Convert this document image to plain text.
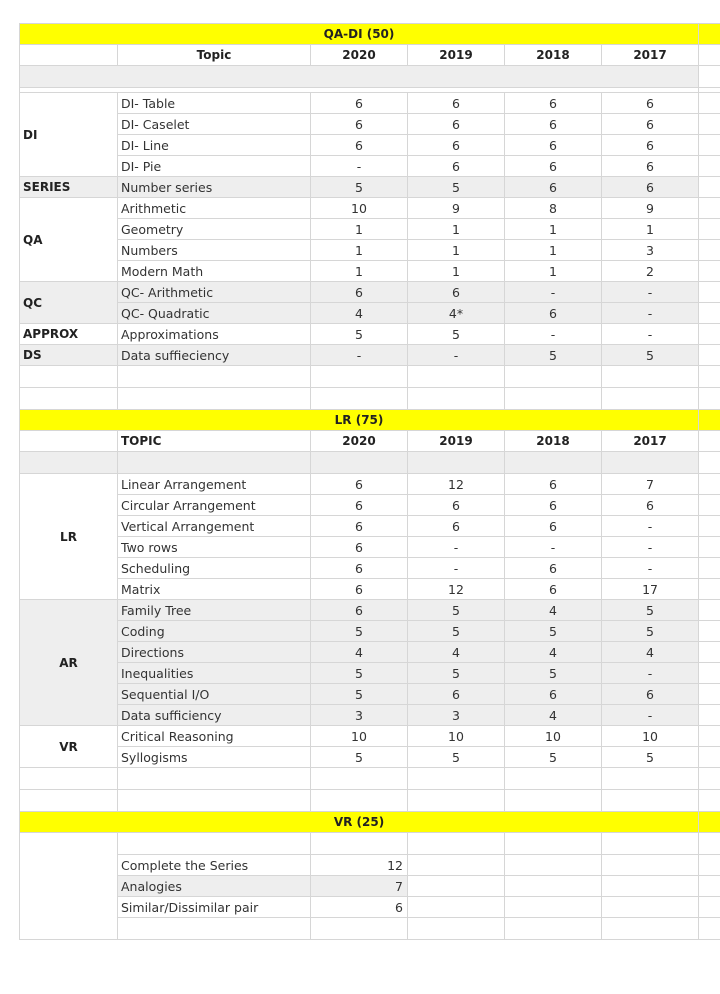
QA-DI (50)						
	Topic	2020	2019	2018	2017	

DI	DI- Table	6	6	6	6	
	DI- Caselet	6	6	6	6	
	DI- Line	6	6	6	6	
	DI- Pie	-	6	6	6	
SERIES	Number series	5	5	6	6	
QA	Arithmetic	10	9	8	9	
	Geometry	1	1	1	1	
	Numbers	1	1	1	3	
	Modern Math	1	1	1	2	
QC	QC- Arithmetic	6	6	-	-	
	QC- Quadratic	4	4*	6	-	
APPROX	Approximations	5	5	-	-	
DS	Data suffieciency	-	-	5	5	

LR (75)						
	TOPIC	2020	2019	2018	2017	

LR	Linear Arrangement	6	12	6	7	
	Circular Arrangement	6	6	6	6	
	Vertical Arrangement	6	6	6	-	
	Two rows	6	-	-	-	
	Scheduling	6	-	6	-	
	Matrix	6	12	6	17	
AR	Family Tree	6	5	4	5	
	Coding	5	5	5	5	
	Directions	4	4	4	4	
	Inequalities	5	5	5	-	
	Sequential I/O	5	6	6	6	
	Data sufficiency	3	3	4	-	
VR	Critical Reasoning	10	10	10	10	
	Syllogisms	5	5	5	5	

VR (25)						

	Complete the Series	12				
	Analogies	7				
	Similar/Dissimilar pair	6				
